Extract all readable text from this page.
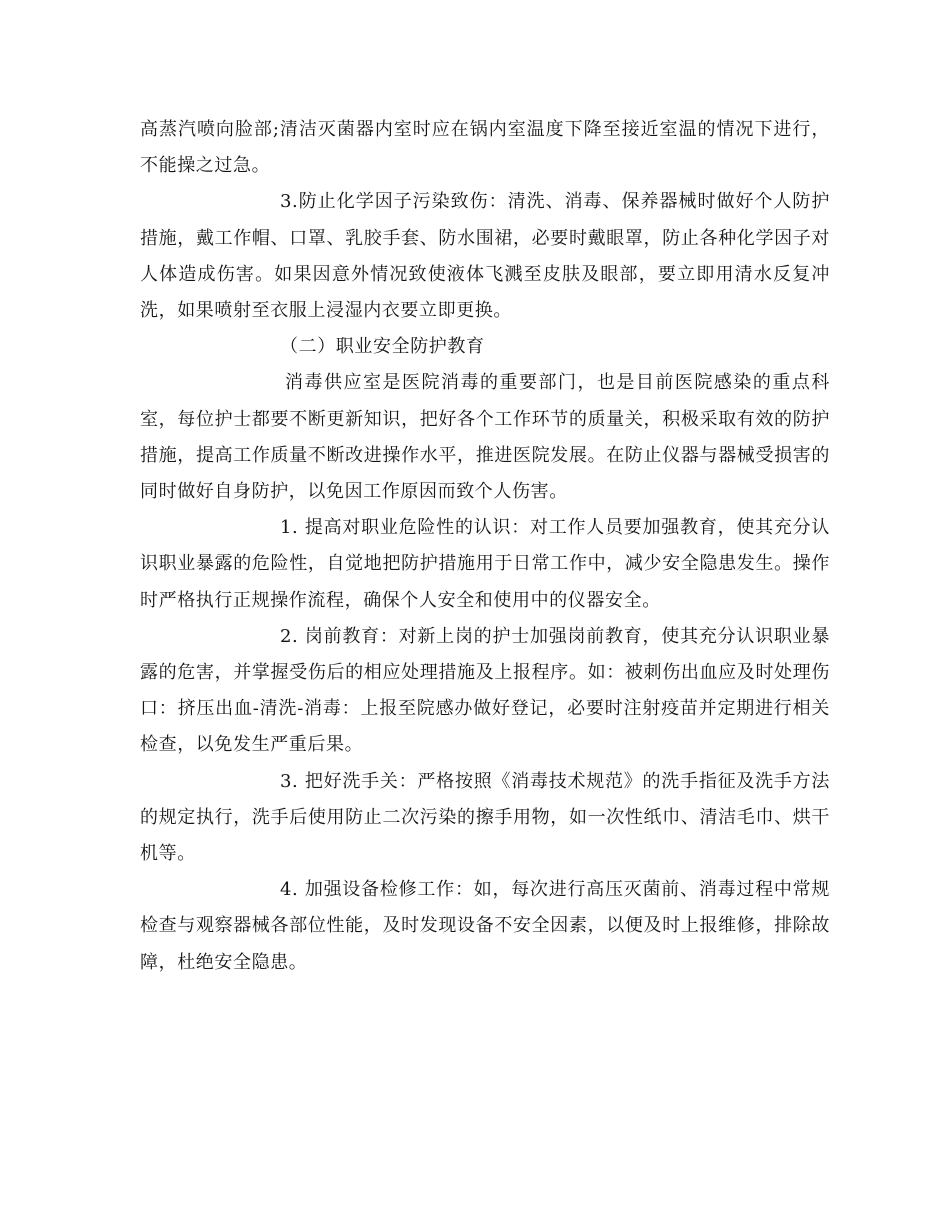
高蒸汽喷向脸部;清洁灭菌器内室时应在锅内室温度下降至接近室温的情况下进行，不能操之过急。

3.防止化学因子污染致伤：清洗、消毒、保养器械时做好个人防护措施，戴工作帽、口罩、乳胶手套、防水围裙，必要时戴眼罩，防止各种化学因子对人体造成伤害。如果因意外情况致使液体飞溅至皮肤及眼部，要立即用清水反复冲洗，如果喷射至衣服上浸湿内衣要立即更换。

（二）职业安全防护教育

消毒供应室是医院消毒的重要部门，也是目前医院感染的重点科室，每位护士都要不断更新知识，把好各个工作环节的质量关，积极采取有效的防护措施，提高工作质量不断改进操作水平，推进医院发展。在防止仪器与器械受损害的同时做好自身防护，以免因工作原因而致个人伤害。

1. 提高对职业危险性的认识：对工作人员要加强教育，使其充分认识职业暴露的危险性，自觉地把防护措施用于日常工作中，减少安全隐患发生。操作时严格执行正规操作流程，确保个人安全和使用中的仪器安全。

2. 岗前教育：对新上岗的护士加强岗前教育，使其充分认识职业暴露的危害，并掌握受伤后的相应处理措施及上报程序。如：被刺伤出血应及时处理伤口：挤压出血-清洗-消毒：上报至院感办做好登记，必要时注射疫苗并定期进行相关检查，以免发生严重后果。

3. 把好洗手关：严格按照《消毒技术规范》的洗手指征及洗手方法的规定执行，洗手后使用防止二次污染的擦手用物，如一次性纸巾、清洁毛巾、烘干机等。

4. 加强设备检修工作：如，每次进行高压灭菌前、消毒过程中常规检查与观察器械各部位性能，及时发现设备不安全因素，以便及时上报维修，排除故障，杜绝安全隐患。
